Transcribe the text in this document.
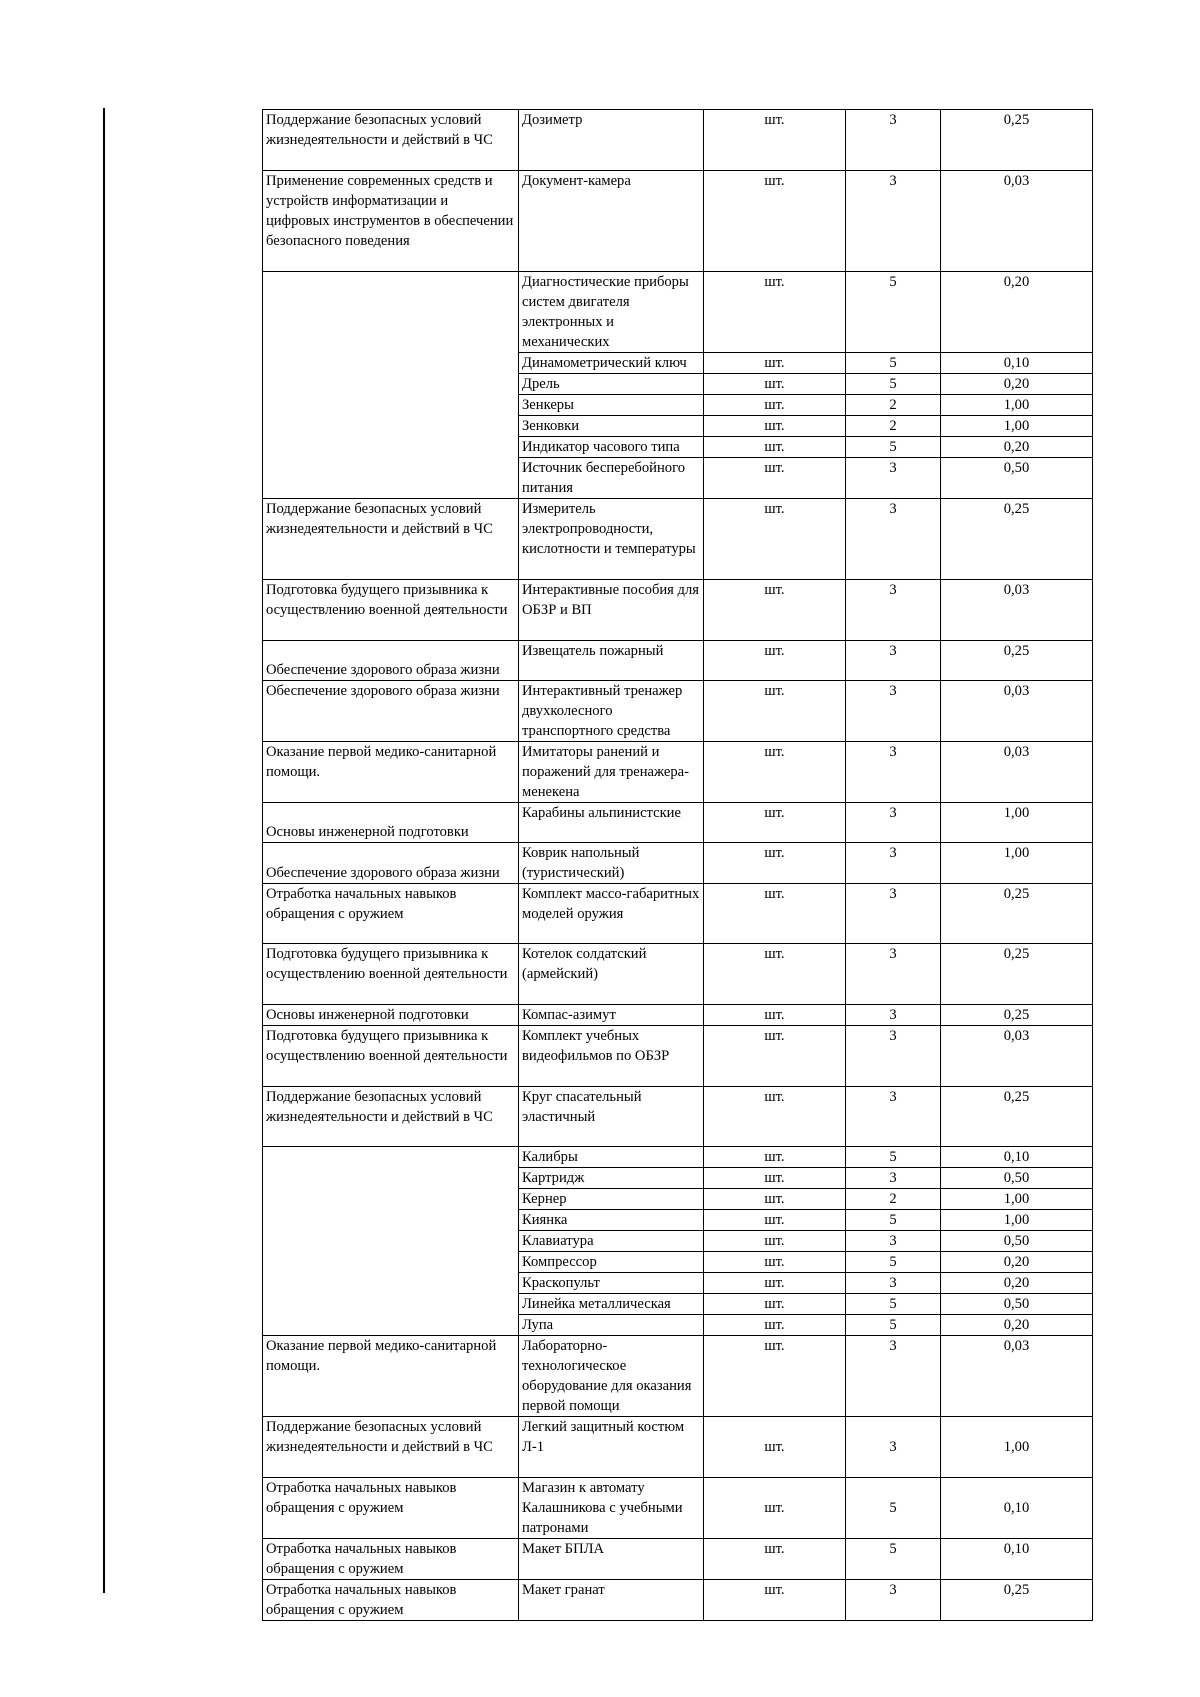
Поддержание безопасных условий жизнедеятельности и действий в ЧС	Дозиметр	шт.	3	0,25
Применение современных средств и устройств информатизации и цифровых инструментов в обеспечении безопасного поведения	Документ-камера	шт.	3	0,03
	Диагностические приборы систем двигателя электронных и механических	шт.	5	0,20
	Динамометрический ключ	шт.	5	0,10
	Дрель	шт.	5	0,20
	Зенкеры	шт.	2	1,00
	Зенковки	шт.	2	1,00
	Индикатор часового типа	шт.	5	0,20
	Источник бесперебойного питания	шт.	3	0,50
Поддержание безопасных условий жизнедеятельности и действий в ЧС	Измеритель электропроводности, кислотности и температуры	шт.	3	0,25
Подготовка будущего призывника к осуществлению военной деятельности	Интерактивные пособия для ОБЗР и ВП	шт.	3	0,03
Обеспечение здорового образа жизни	Извещатель пожарный	шт.	3	0,25
Обеспечение здорового образа жизни	Интерактивный тренажер двухколесного транспортного средства	шт.	3	0,03
Оказание первой медико-санитарной помощи.	Имитаторы ранений и поражений для тренажера-менекена	шт.	3	0,03
Основы инженерной подготовки	Карабины альпинистские	шт.	3	1,00
Обеспечение здорового образа жизни	Коврик напольный (туристический)	шт.	3	1,00
Отработка начальных навыков обращения с оружием	Комплект массо-габаритных моделей оружия	шт.	3	0,25
Подготовка будущего призывника к осуществлению военной деятельности	Котелок солдатский (армейский)	шт.	3	0,25
Основы инженерной подготовки	Компас-азимут	шт.	3	0,25
Подготовка будущего призывника к осуществлению военной деятельности	Комплект учебных видеофильмов по ОБЗР	шт.	3	0,03
Поддержание безопасных условий жизнедеятельности и действий в ЧС	Круг спасательный эластичный	шт.	3	0,25
	Калибры	шт.	5	0,10
	Картридж	шт.	3	0,50
	Кернер	шт.	2	1,00
	Киянка	шт.	5	1,00
	Клавиатура	шт.	3	0,50
	Компрессор	шт.	5	0,20
	Краскопульт	шт.	3	0,20
	Линейка металлическая	шт.	5	0,50
	Лупа	шт.	5	0,20
Оказание первой медико-санитарной помощи.	Лабораторно-технологическое оборудование для оказания первой помощи	шт.	3	0,03
Поддержание безопасных условий жизнедеятельности и действий в ЧС	Легкий защитный костюм Л-1	шт.	3	1,00
Отработка начальных навыков обращения с оружием	Магазин к автомату Калашникова с учебными патронами	шт.	5	0,10
Отработка начальных навыков обращения с оружием	Макет БПЛА	шт.	5	0,10
Отработка начальных навыков обращения с оружием	Макет гранат	шт.	3	0,25
